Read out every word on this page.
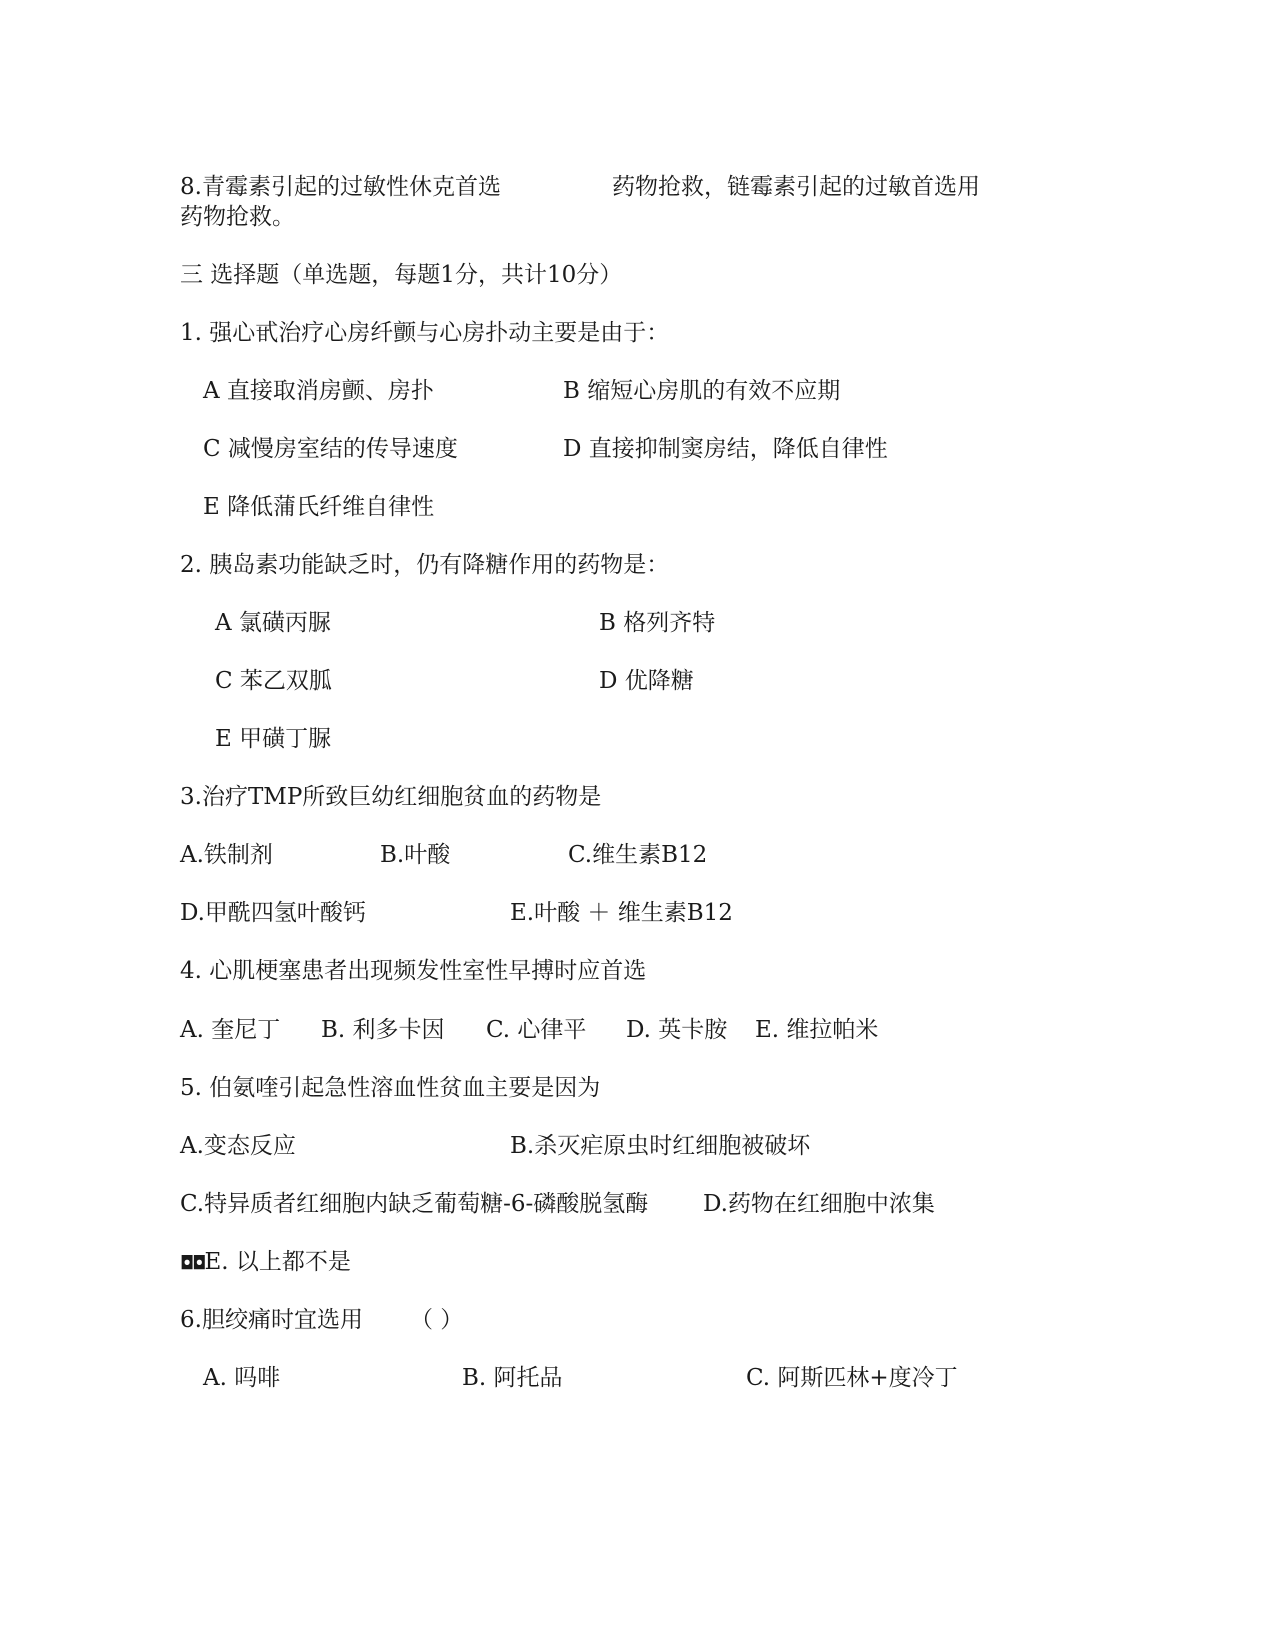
8.青霉素引起的过敏性休克首选	药物抢救，链霉素引起的过敏首选用
药物抢救。
三 选择题（单选题，每题1分，共计10分）
1. 强心甙治疗心房纤颤与心房扑动主要是由于：
A 直接取消房颤、房扑	B 缩短心房肌的有效不应期
C 减慢房室结的传导速度	D 直接抑制窦房结，降低自律性
E 降低蒲氏纤维自律性
2. 胰岛素功能缺乏时，仍有降糖作用的药物是：
A 氯磺丙脲	B 格列齐特
C 苯乙双胍	D 优降糖
E 甲磺丁脲
3.治疗TMP所致巨幼红细胞贫血的药物是
A.铁制剂	B.叶酸	C.维生素B12
D.甲酰四氢叶酸钙	E.叶酸 ＋ 维生素B12
4. 心肌梗塞患者出现频发性室性早搏时应首选
A. 奎尼丁 B. 利多卡因 C. 心律平 D. 英卡胺 E. 维拉帕米
5. 伯氨喹引起急性溶血性贫血主要是因为
A.变态反应	B.杀灭疟原虫时红细胞被破坏
C.特异质者红细胞内缺乏葡萄糖-6-磷酸脱氢酶 D.药物在红细胞中浓集
◘◘E. 以上都不是
6.胆绞痛时宜选用 （ ）
A. 吗啡	B. 阿托品	C. 阿斯匹林+度冷丁
